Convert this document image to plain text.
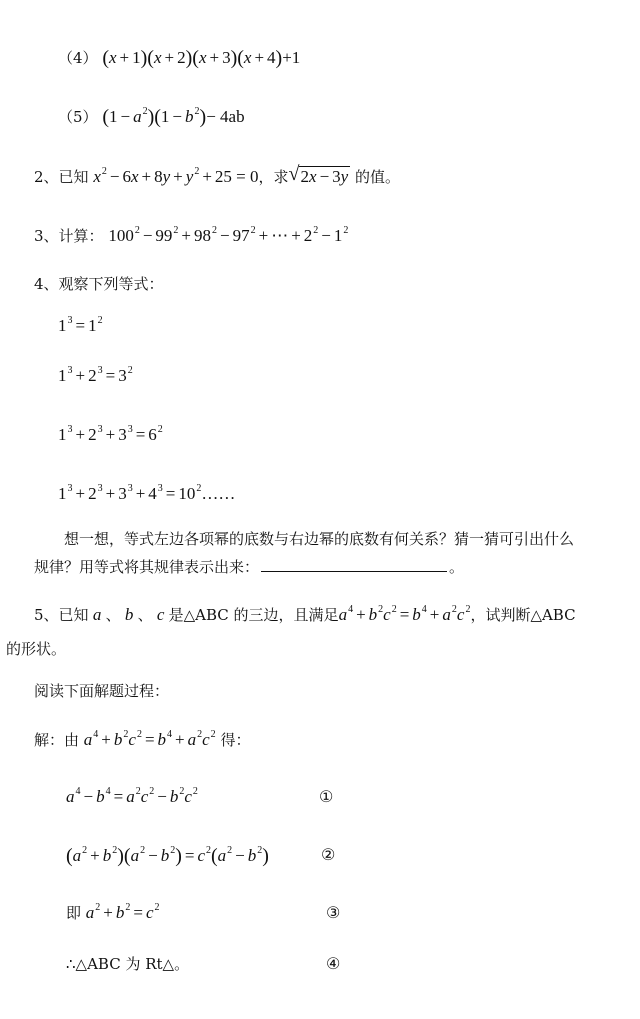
（4） (x + 1)(x + 2)(x + 3)(x + 4)+1
（5） $(1 - a^2)(1 - b^2)- 4ab$
2、已知 $x^2 - 6x + 8y + y^2 + 25 = 0$，求 √ 2x − 3y 的值。
3、计算： $100^2 - 99^2 + 98^2 - 97^2$ + ⋯ + $2^2 - 1^2$
4、观察下列等式：
$1^3 = 1^2$
$1^3 + 2^3 = 3^2$
$1^3 + 2^3 + 3^3 = 6^2$
$1^3 + 2^3 + 3^3 + 4^3$ = $10^2\dots\dots$
想一想，等式左边各项幂的底数与右边幂的底数有何关系？猜一猜可引出什么
规律？用等式将其规律表示出来：	。
5、已知 a 、 b 、 c 是△ABC 的三边，且满足$a^4 + b^2c^2 = b^4 + a^2c^2$，试判断△ABC
的形状。
阅读下面解题过程：
解：由 $a^4 + b^2c^2 = b^4 + a^2c^2$ 得：
$a^4 - b^4 = a^2c^2 - b^2c^2$	①
$(a^2 + b^2)(a^2 - b^2) = c^2(a^2 - b^2)$	②
即 $a^2 + b^2 = c^2$	③
∴△ABC 为 Rt△。	④
